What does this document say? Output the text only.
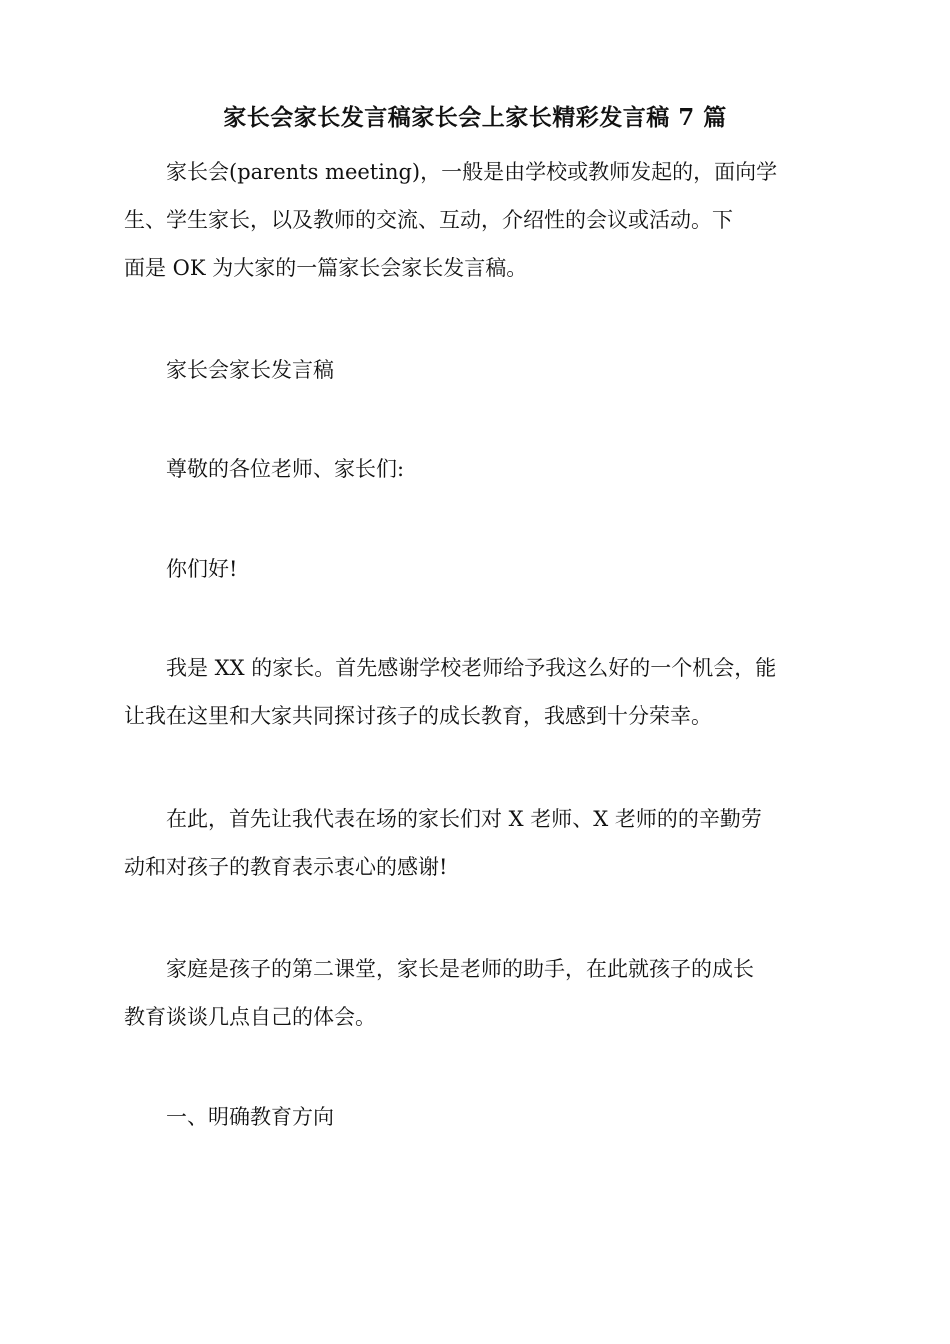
家长会家长发言稿家长会上家长精彩发言稿 7 篇

家长会(parents meeting)，一般是由学校或教师发起的，面向学
生、学生家长，以及教师的交流、互动，介绍性的会议或活动。下
面是 OK 为大家的一篇家长会家长发言稿。

家长会家长发言稿

尊敬的各位老师、家长们:

你们好!

我是 XX 的家长。首先感谢学校老师给予我这么好的一个机会，能
让我在这里和大家共同探讨孩子的成长教育，我感到十分荣幸。

在此，首先让我代表在场的家长们对 X 老师、X 老师的的辛勤劳
动和对孩子的教育表示衷心的感谢!

家庭是孩子的第二课堂，家长是老师的助手，在此就孩子的成长
教育谈谈几点自己的体会。

一、明确教育方向
